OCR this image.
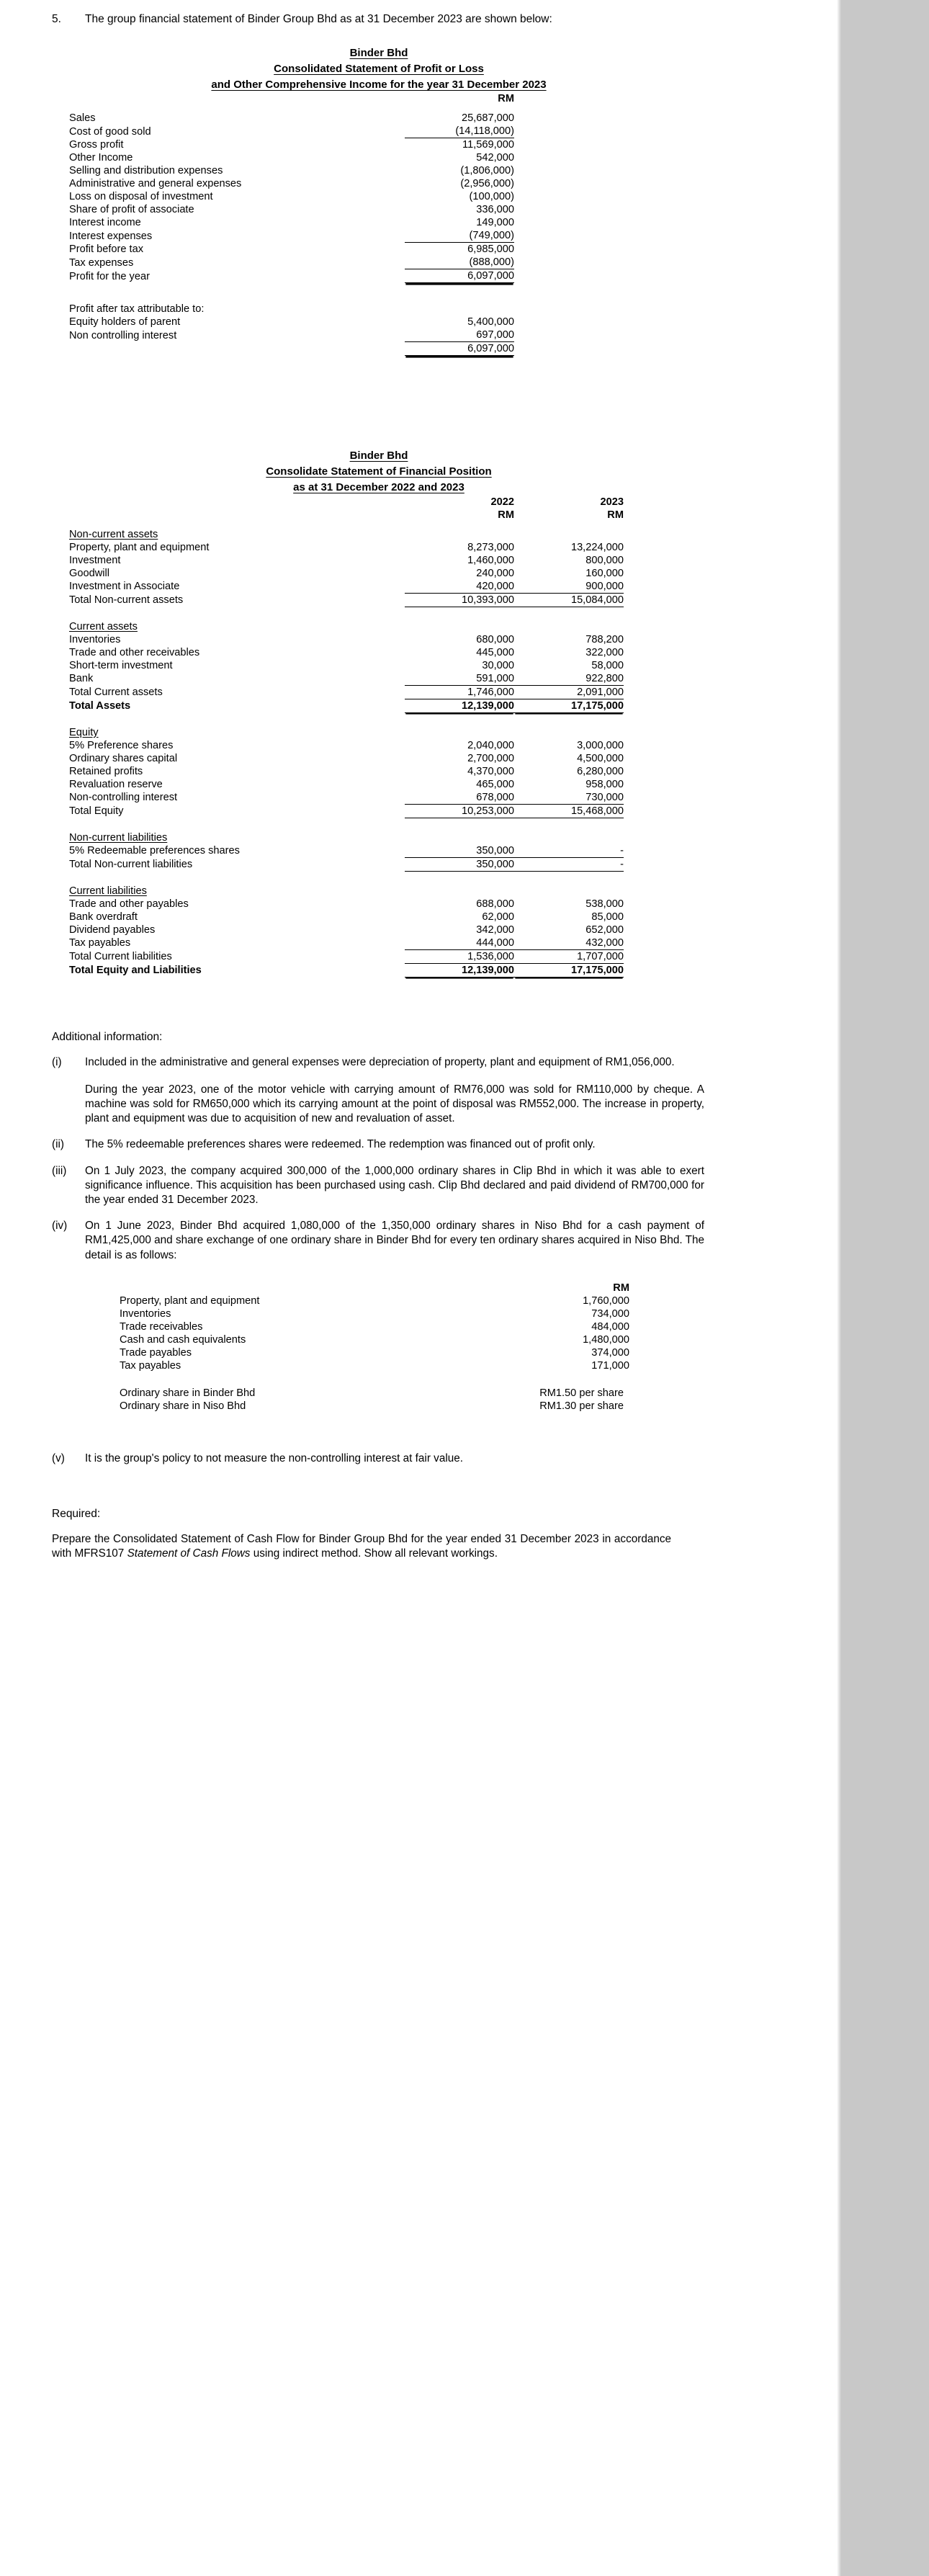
5.	The group financial statement of Binder Group Bhd as at 31 December 2023 are shown below:
Binder Bhd
Consolidated Statement of Profit or Loss
and Other Comprehensive Income for the year 31 December 2023
		RM

Sales		25,687,000
Cost of good sold		(14,118,000)
Gross profit		11,569,000
Other Income		542,000
Selling and distribution expenses		(1,806,000)
Administrative and general expenses		(2,956,000)
Loss on disposal of investment		(100,000)
Share of profit of associate		336,000
Interest income		149,000
Interest expenses		(749,000)
Profit before tax		6,985,000
Tax expenses		(888,000)
Profit for the year		6,097,000

Profit after tax attributable to:		
Equity holders of parent		5,400,000
Non controlling interest		697,000
		6,097,000
Binder Bhd
Consolidate Statement of Financial Position
as at 31 December 2022 and 2023
		2022	2023
		RM	RM

Non-current assets			
Property, plant and equipment		8,273,000	13,224,000
Investment		1,460,000	800,000
Goodwill		240,000	160,000
Investment in Associate		420,000	900,000
Total Non-current assets		10,393,000	15,084,000

Current assets			
Inventories		680,000	788,200
Trade and other receivables		445,000	322,000
Short-term investment		30,000	58,000
Bank		591,000	922,800
Total Current assets		1,746,000	2,091,000
Total Assets		12,139,000	17,175,000

Equity			
5% Preference shares		2,040,000	3,000,000
Ordinary shares capital		2,700,000	4,500,000
Retained profits		4,370,000	6,280,000
Revaluation reserve		465,000	958,000
Non-controlling interest		678,000	730,000
Total Equity		10,253,000	15,468,000

Non-current liabilities			
5% Redeemable preferences shares		350,000	-
Total Non-current liabilities		350,000	-

Current liabilities			
Trade and other payables		688,000	538,000
Bank overdraft		62,000	85,000
Dividend payables		342,000	652,000
Tax payables		444,000	432,000
Total Current liabilities		1,536,000	1,707,000
Total Equity and Liabilities		12,139,000	17,175,000
Additional information:
(i)	Included in the administrative and general expenses were depreciation of property, plant and equipment of RM1,056,000.

During the year 2023, one of the motor vehicle with carrying amount of RM76,000 was sold for RM110,000 by cheque. A machine was sold for RM650,000 which its carrying amount at the point of disposal was RM552,000. The increase in property, plant and equipment was due to acquisition of new and revaluation of asset.

(ii)	The 5% redeemable preferences shares were redeemed. The redemption was financed out of profit only.

(iii)	On 1 July 2023, the company acquired 300,000 of the 1,000,000 ordinary shares in Clip Bhd in which it was able to exert significance influence. This acquisition has been purchased using cash. Clip Bhd declared and paid dividend of RM700,000 for the year ended 31 December 2023.

(iv)	On 1 June 2023, Binder Bhd acquired 1,080,000 of the 1,350,000 ordinary shares in Niso Bhd for a cash payment of RM1,425,000 and share exchange of one ordinary share in Binder Bhd for every ten ordinary shares acquired in Niso Bhd. The detail is as follows:

	RM
Property, plant and equipment	1,760,000
Inventories	734,000
Trade receivables	484,000
Cash and cash equivalents	1,480,000
Trade payables	374,000
Tax payables	171,000

Ordinary share in Binder Bhd	RM1.50 per share
Ordinary share in Niso Bhd	RM1.30 per share
(v)	It is the group's policy to not measure the non-controlling interest at fair value.
Required:
Prepare the Consolidated Statement of Cash Flow for Binder Group Bhd for the year ended 31 December 2023 in accordance with MFRS107 Statement of Cash Flows using indirect method. Show all relevant workings.
